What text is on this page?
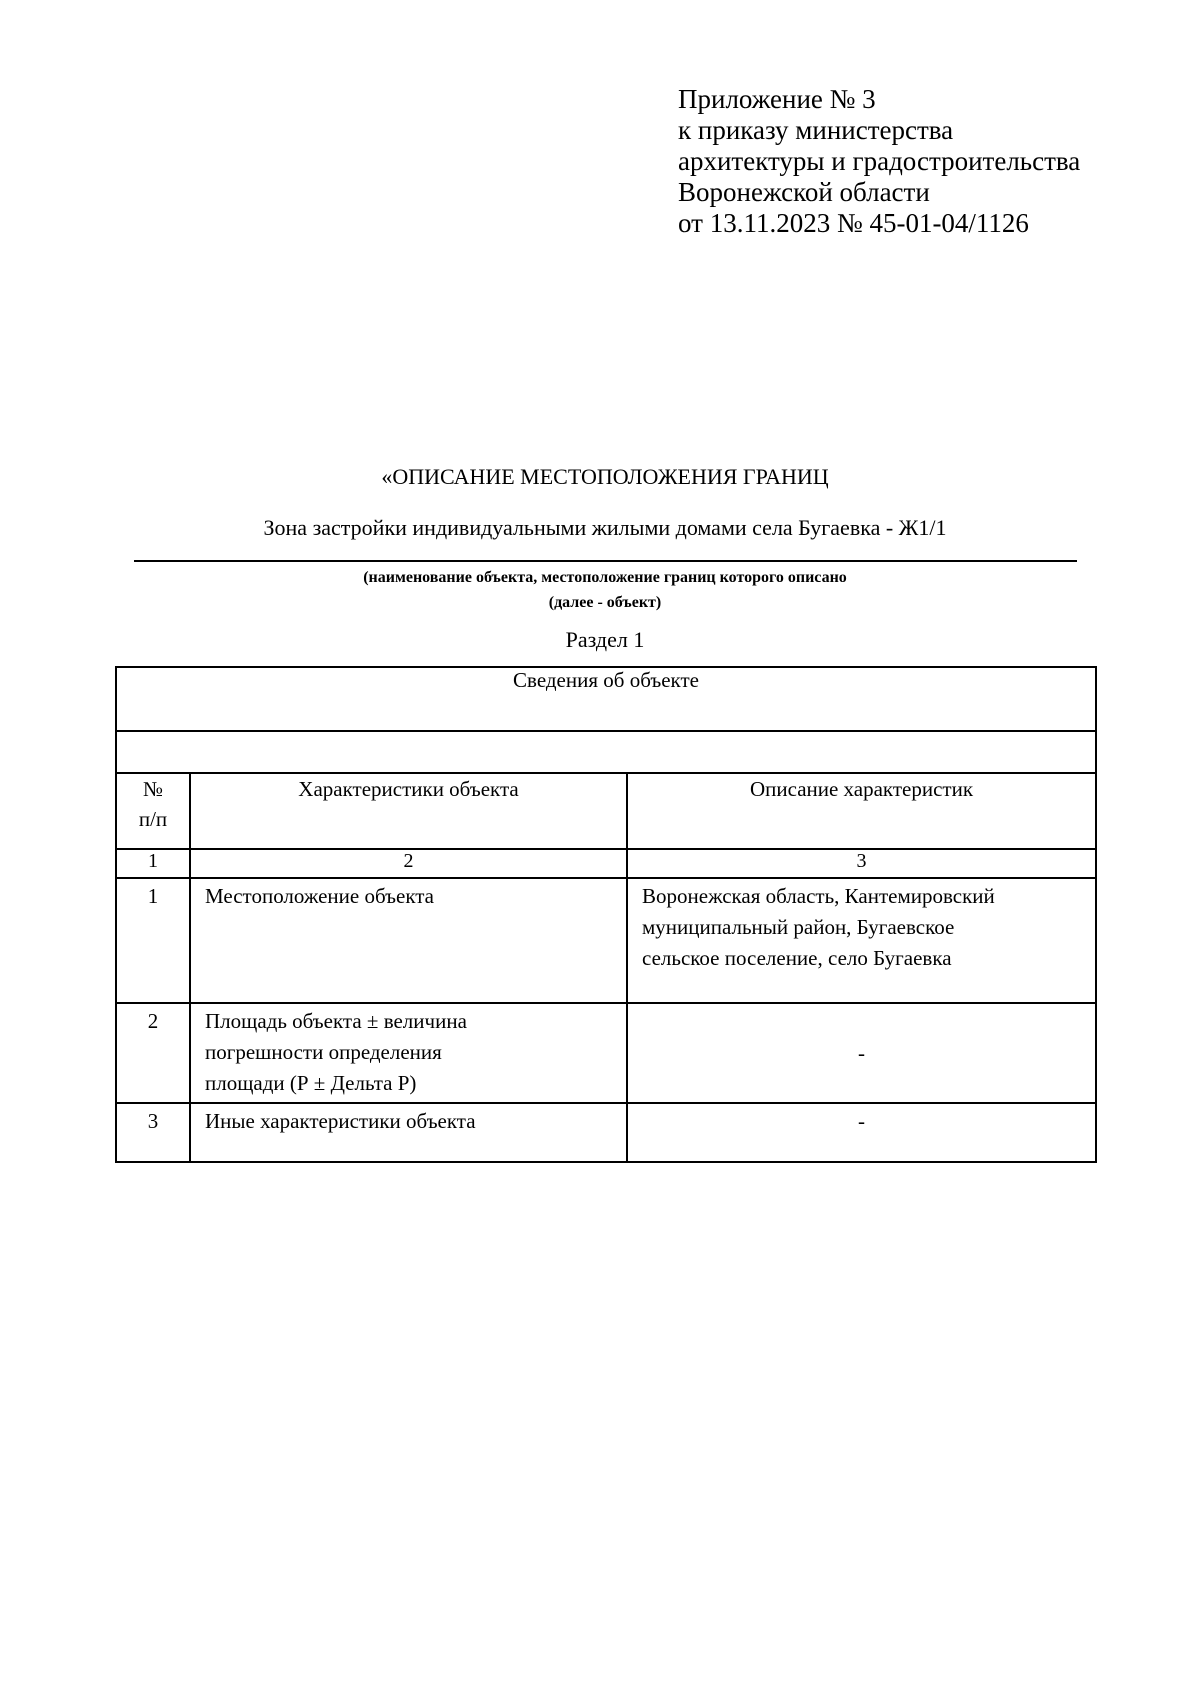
Приложение № 3
к приказу министерства
архитектуры и градостроительства
Воронежской области
от 13.11.2023 № 45-01-04/1126
«ОПИСАНИЕ МЕСТОПОЛОЖЕНИЯ ГРАНИЦ
Зона застройки индивидуальными жилыми домами села Бугаевка - Ж1/1
(наименование объекта, местоположение границ которого описано
(далее - объект)
Раздел 1
Сведения об объекте		

№
п/п	Характеристики объекта	Описание характеристик
1	2	3
1	Местоположение объекта	Воронежская область, Кантемировский
муниципальный район, Бугаевское
сельское поселение, село Бугаевка

2	Площадь объекта ± величина
погрешности определения
площади (Р ± Дельта Р)	-
3	Иные характеристики объекта	-
